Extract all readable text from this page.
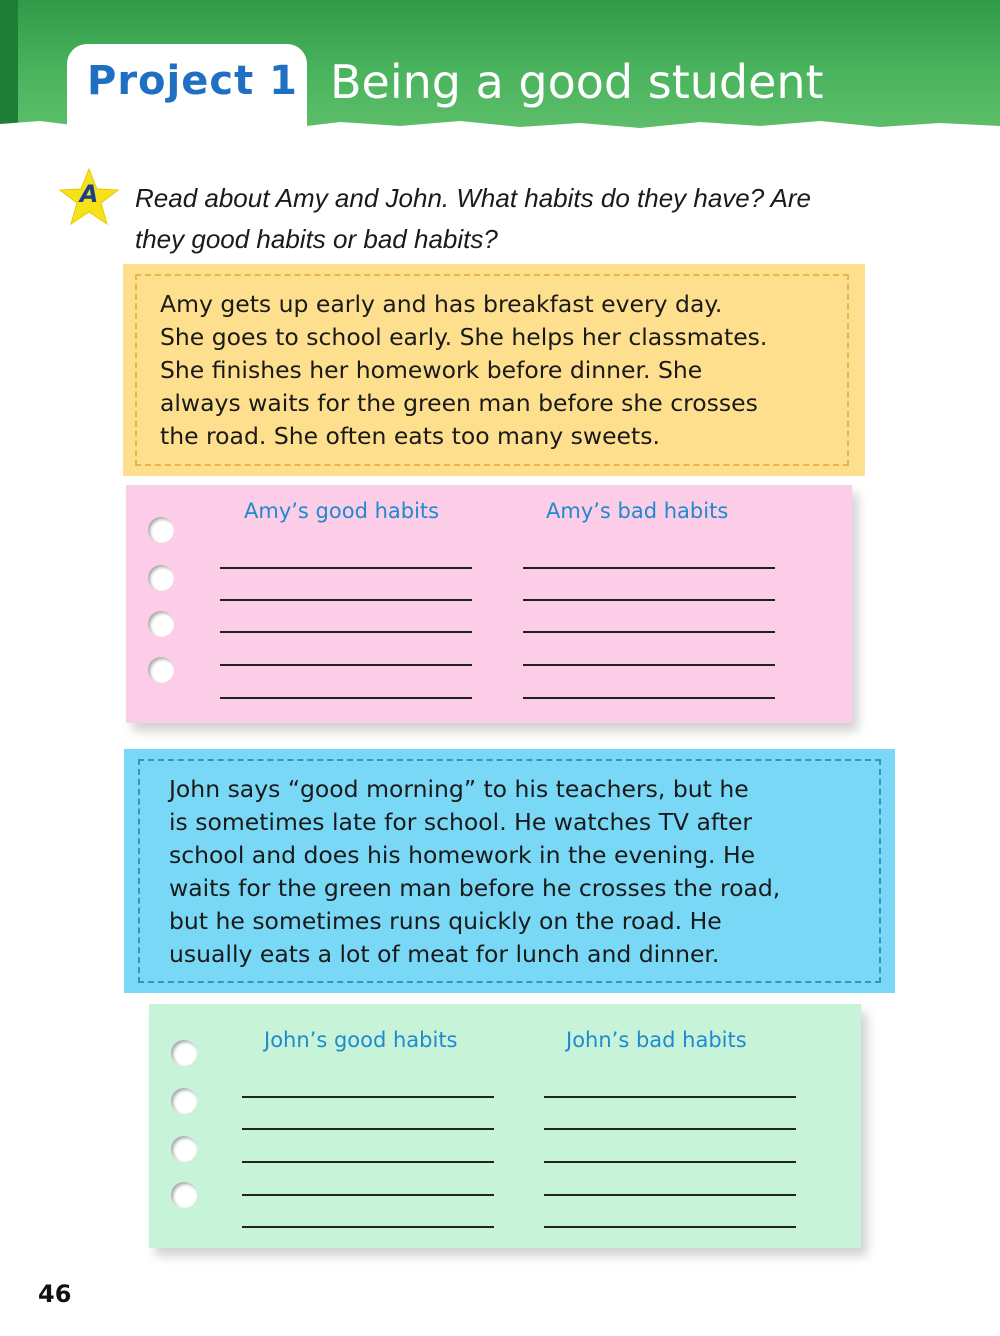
Project 1 Being a good student
A	Read about Amy and John. What habits do they have? Are
they good habits or bad habits?
Amy gets up early and has breakfast every day.
She goes to school early. She helps her classmates.
She finishes her homework before dinner. She
always waits for the green man before she crosses
the road. She often eats too many sweets.
Amy’s good habits	Amy’s bad habits
John says “good morning” to his teachers, but he
is sometimes late for school. He watches TV after
school and does his homework in the evening. He
waits for the green man before he crosses the road,
but he sometimes runs quickly on the road. He
usually eats a lot of meat for lunch and dinner.
John’s good habits	John’s bad habits
46
